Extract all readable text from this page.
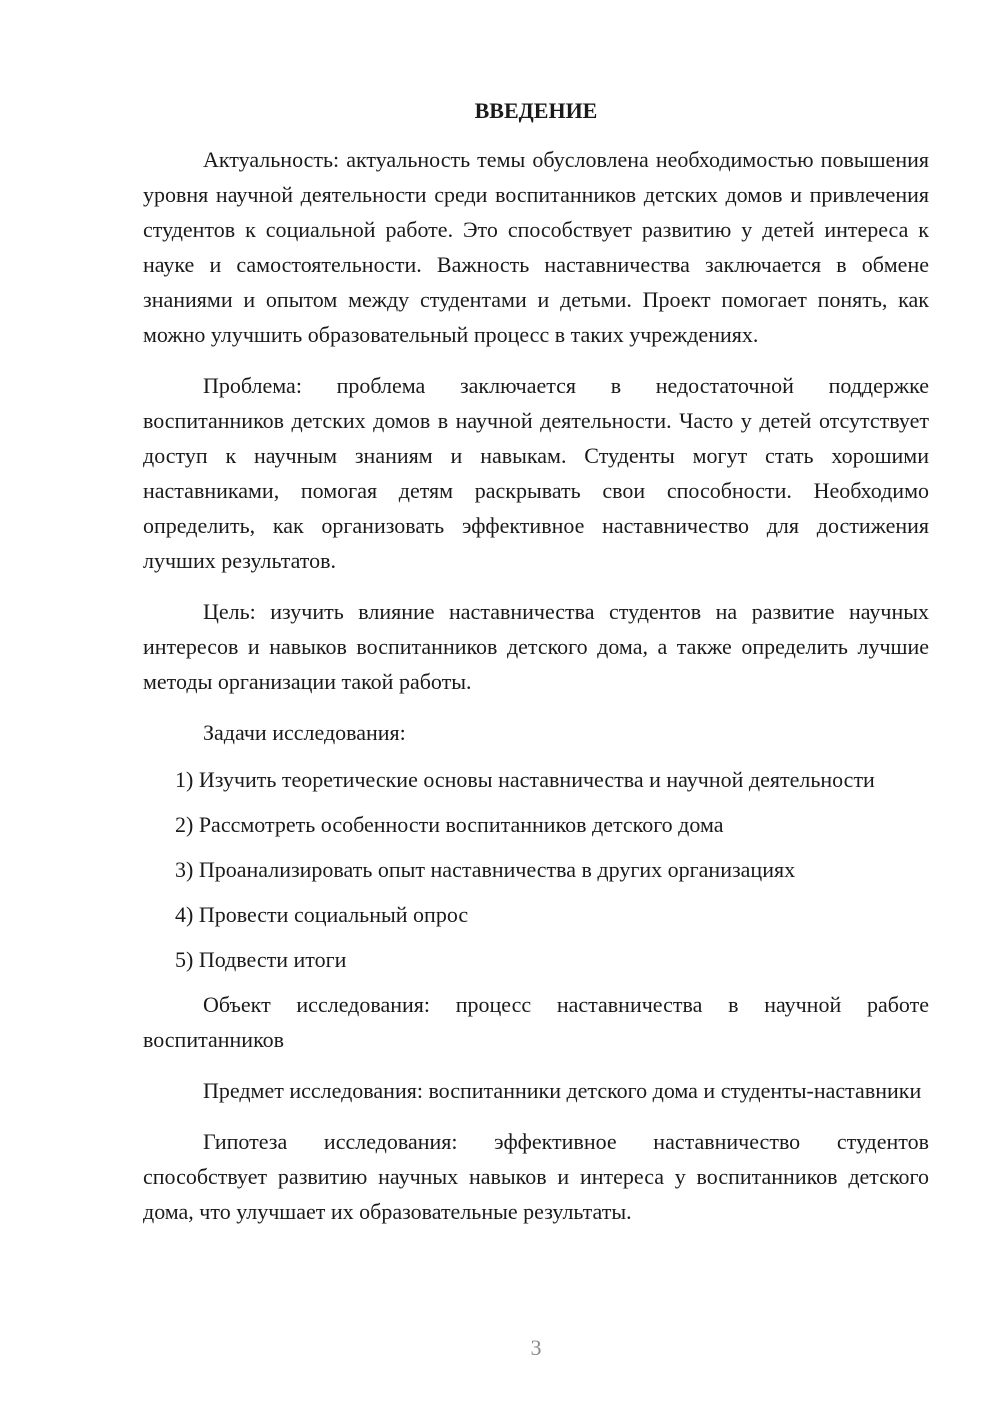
ВВЕДЕНИЕ

Актуальность: актуальность темы обусловлена необходимостью повышения уровня научной деятельности среди воспитанников детских домов и привлечения студентов к социальной работе. Это способствует развитию у детей интереса к науке и самостоятельности. Важность наставничества заключается в обмене знаниями и опытом между студентами и детьми. Проект помогает понять, как можно улучшить образовательный процесс в таких учреждениях.

Проблема: проблема заключается в недостаточной поддержке воспитанников детских домов в научной деятельности. Часто у детей отсутствует доступ к научным знаниям и навыкам. Студенты могут стать хорошими наставниками, помогая детям раскрывать свои способности. Необходимо определить, как организовать эффективное наставничество для достижения лучших результатов.

Цель: изучить влияние наставничества студентов на развитие научных интересов и навыков воспитанников детского дома, а также определить лучшие методы организации такой работы.

Задачи исследования:

1) Изучить теоретические основы наставничества и научной деятельности

2) Рассмотреть особенности воспитанников детского дома

3) Проанализировать опыт наставничества в других организациях

4) Провести социальный опрос

5) Подвести итоги

Объект исследования: процесс наставничества в научной работе воспитанников

Предмет исследования: воспитанники детского дома и студенты-наставники

Гипотеза исследования: эффективное наставничество студентов способствует развитию научных навыков и интереса у воспитанников детского дома, что улучшает их образовательные результаты.

3
